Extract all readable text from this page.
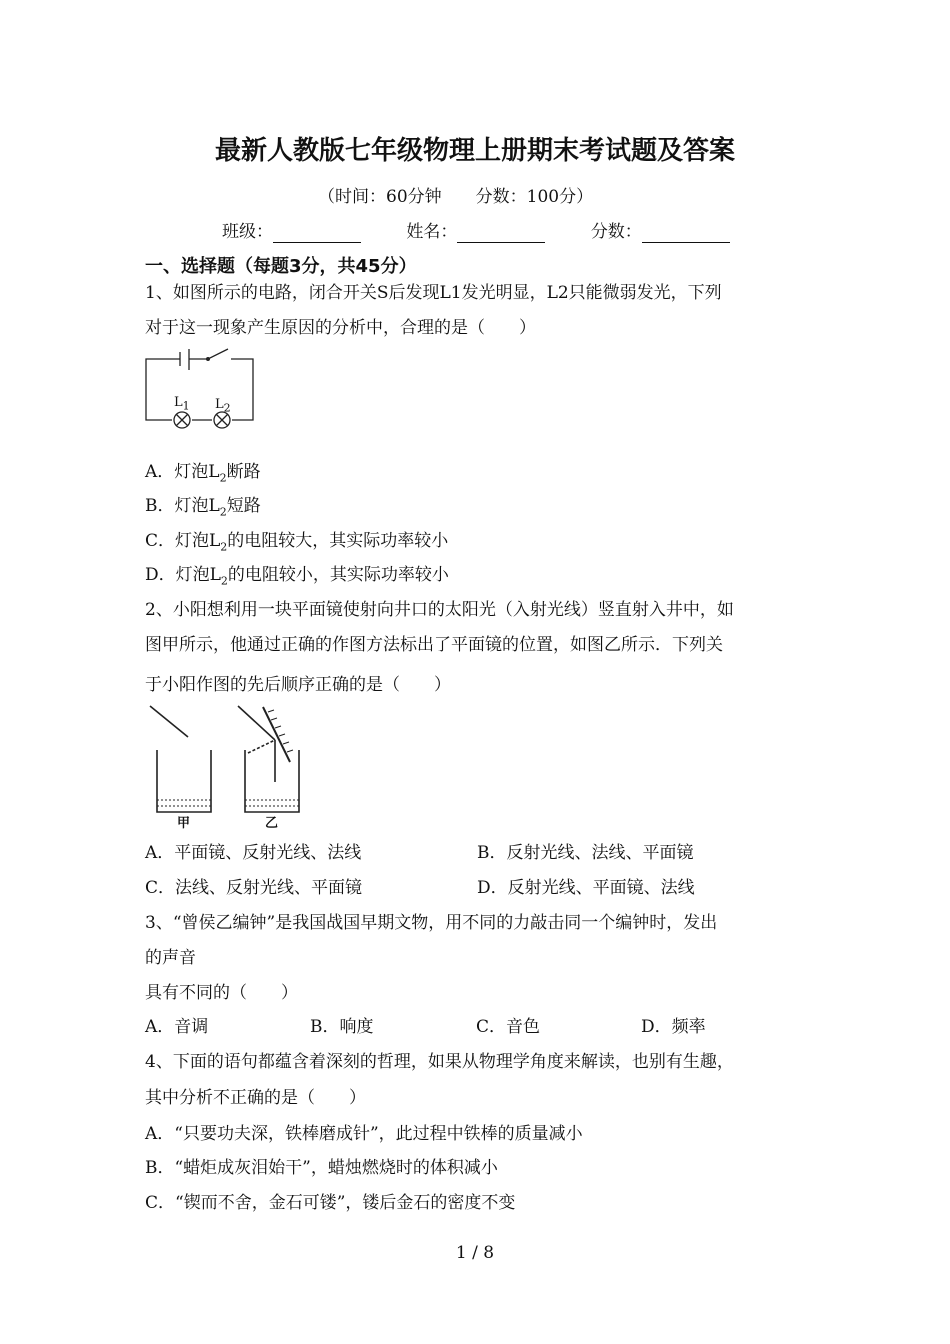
最新人教版七年级物理上册期末考试题及答案
（时间：60分钟　　分数：100分）
班级：	姓名：	分数：
一、选择题（每题3分，共45分）
1、如图所示的电路，闭合开关S后发现L1发光明显，L2只能微弱发光，下列
对于这一现象产生原因的分析中，合理的是（　　）
$L_1$ $L_2$
A．灯泡$L_2$断路
B．灯泡$L_2$短路
C．灯泡$L_2$的电阻较大，其实际功率较小
D．灯泡$L_2$的电阻较小，其实际功率较小
2、小阳想利用一块平面镜使射向井口的太阳光（入射光线）竖直射入井中，如
图甲所示，他通过正确的作图方法标出了平面镜的位置，如图乙所示．下列关
于小阳作图的先后顺序正确的是（　　）
甲	乙
A．平面镜、反射光线、法线	B．反射光线、法线、平面镜
C．法线、反射光线、平面镜	D．反射光线、平面镜、法线
3、“曾侯乙编钟”是我国战国早期文物，用不同的力敲击同一个编钟时，发出
的声音
具有不同的（　　）
A．音调	B．响度	C．音色	D．频率
4、下面的语句都蕴含着深刻的哲理，如果从物理学角度来解读，也别有生趣，
其中分析不正确的是（　　）
A．“只要功夫深，铁棒磨成针”，此过程中铁棒的质量减小
B．“蜡炬成灰泪始干”，蜡烛燃烧时的体积减小
C．“锲而不舍，金石可镂”，镂后金石的密度不变
1 / 8
